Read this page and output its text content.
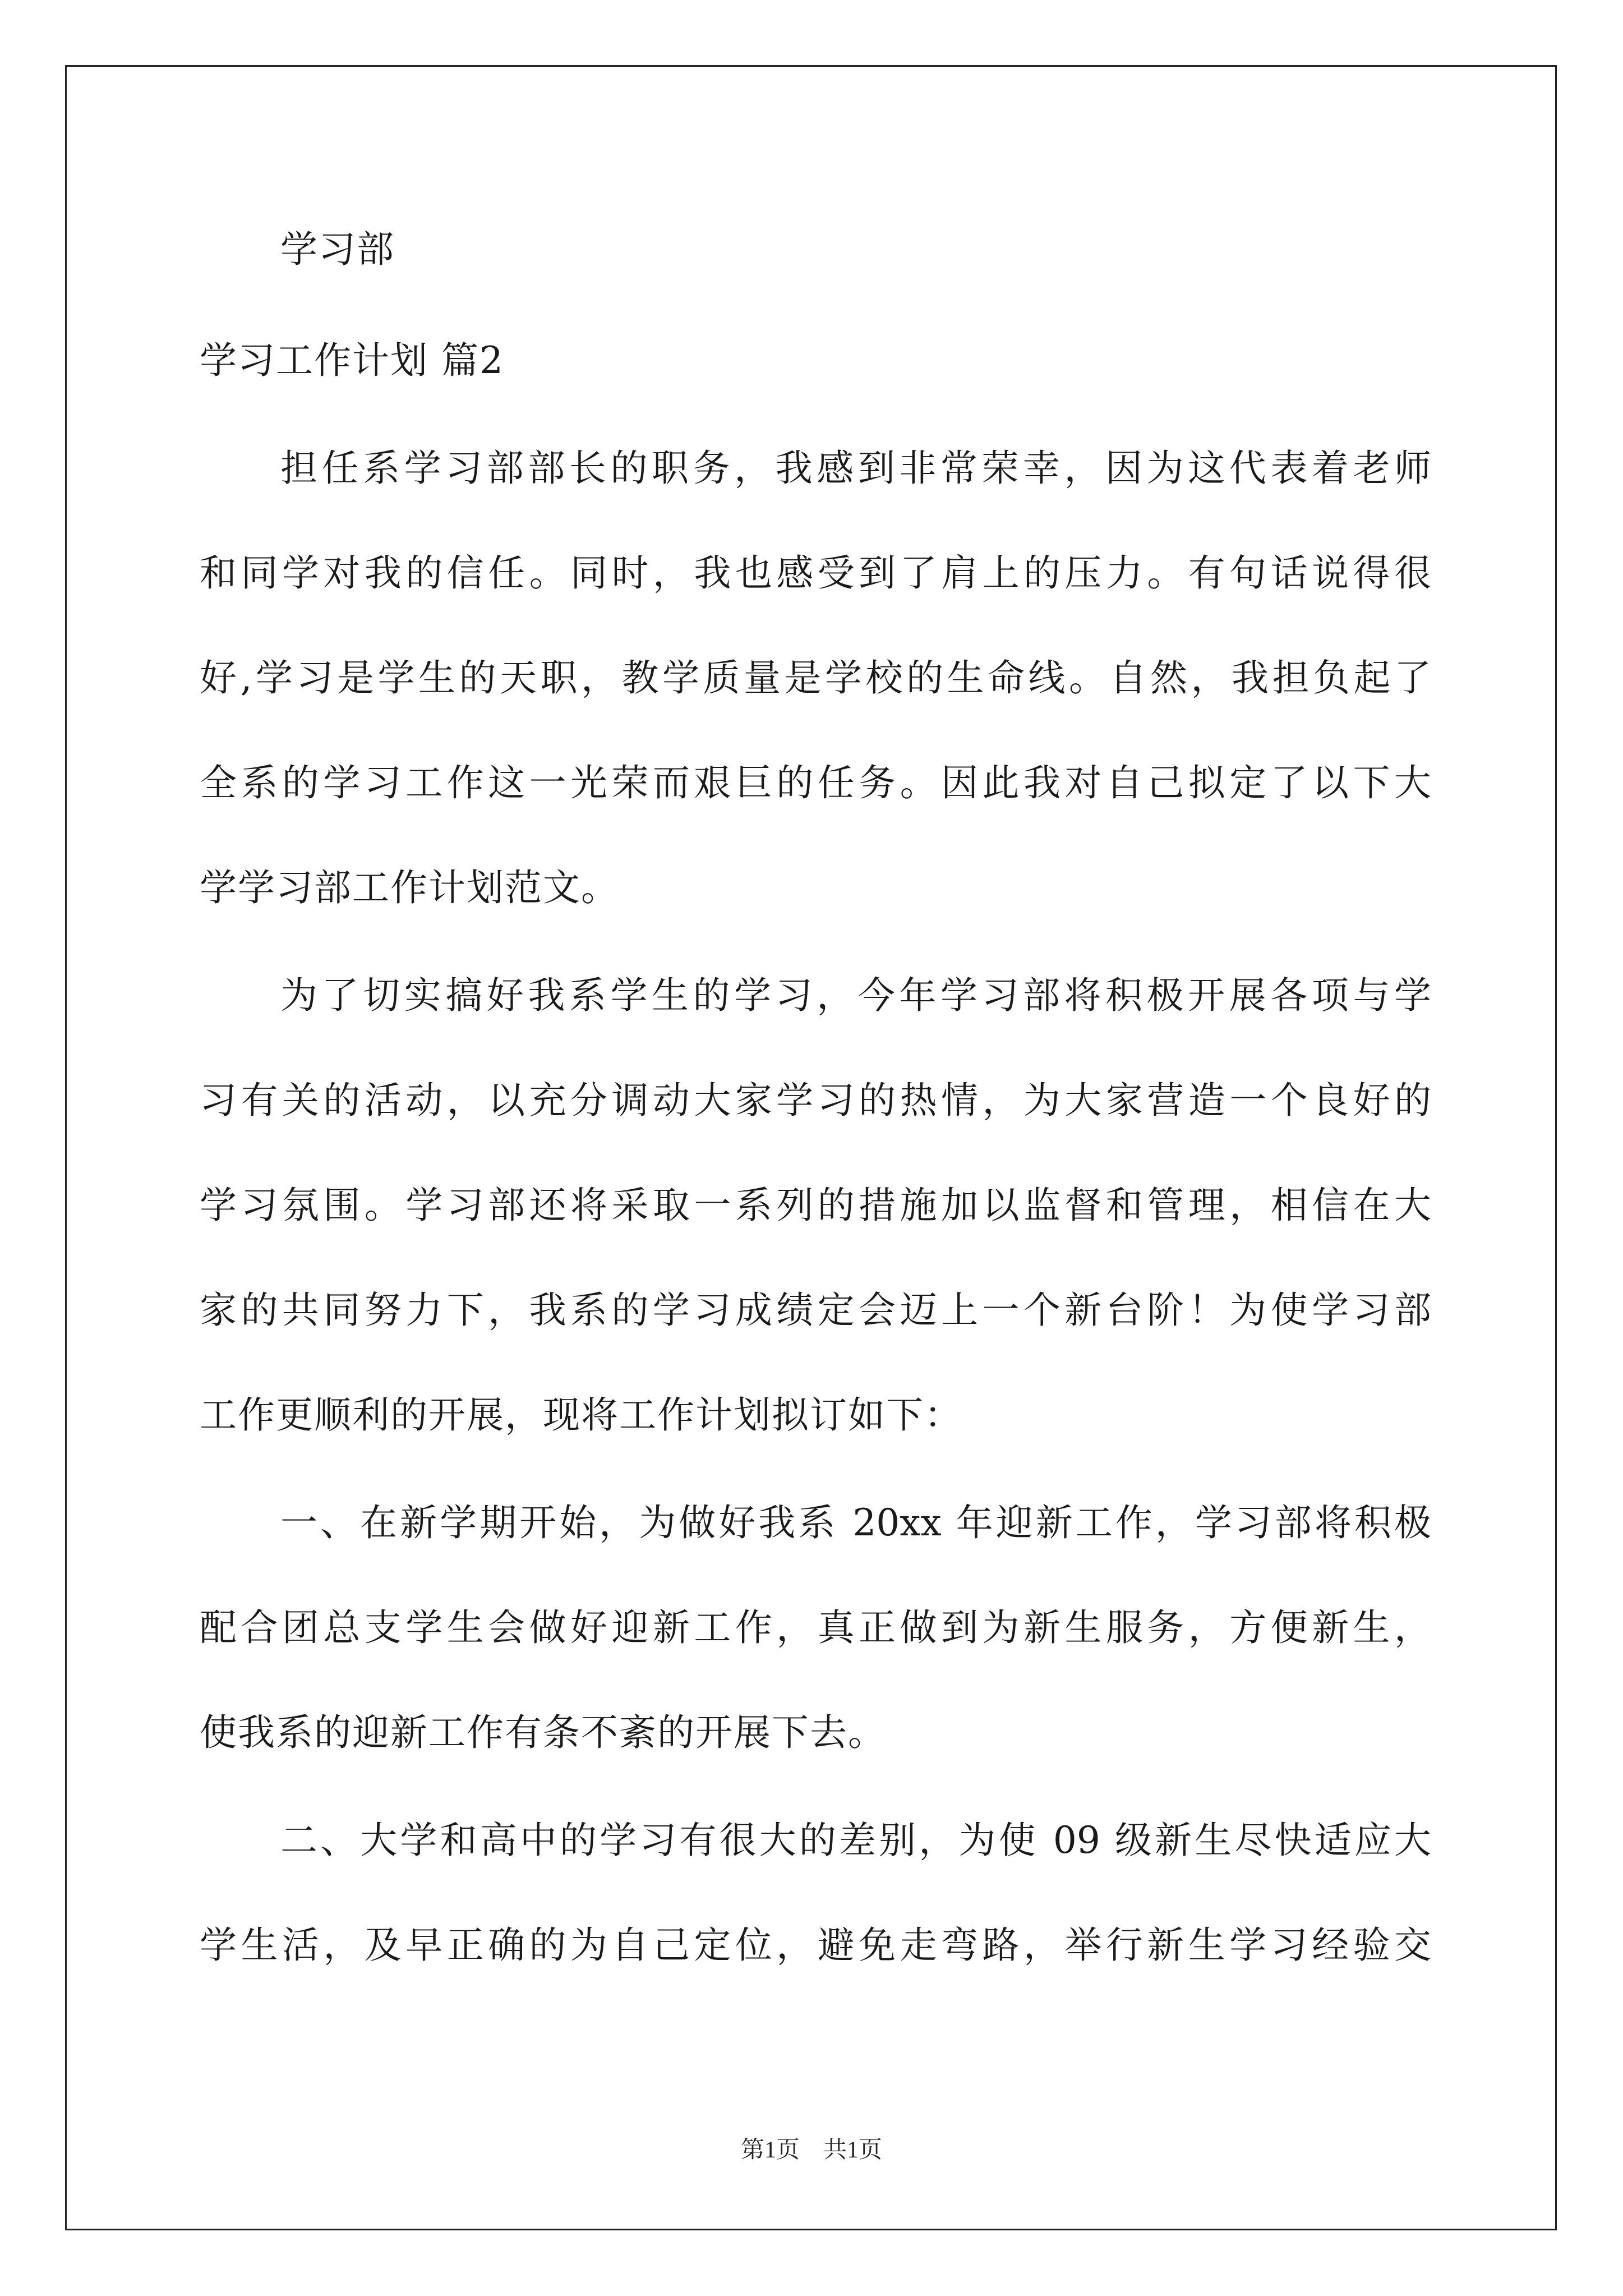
学习部
学习工作计划 篇2
担任系学习部部长的职务，我感到非常荣幸，因为这代表着老师
和同学对我的信任。同时，我也感受到了肩上的压力。有句话说得很
好,学习是学生的天职，教学质量是学校的生命线。自然，我担负起了
全系的学习工作这一光荣而艰巨的任务。因此我对自己拟定了以下大
学学习部工作计划范文。
为了切实搞好我系学生的学习，今年学习部将积极开展各项与学
习有关的活动，以充分调动大家学习的热情，为大家营造一个良好的
学习氛围。学习部还将采取一系列的措施加以监督和管理，相信在大
家的共同努力下，我系的学习成绩定会迈上一个新台阶！为使学习部
工作更顺利的开展，现将工作计划拟订如下：
一、在新学期开始，为做好我系 20xx 年迎新工作，学习部将积极
配合团总支学生会做好迎新工作，真正做到为新生服务，方便新生，
使我系的迎新工作有条不紊的开展下去。
二、大学和高中的学习有很大的差别，为使 09 级新生尽快适应大
学生活，及早正确的为自己定位，避免走弯路，举行新生学习经验交
第1页　共1页
